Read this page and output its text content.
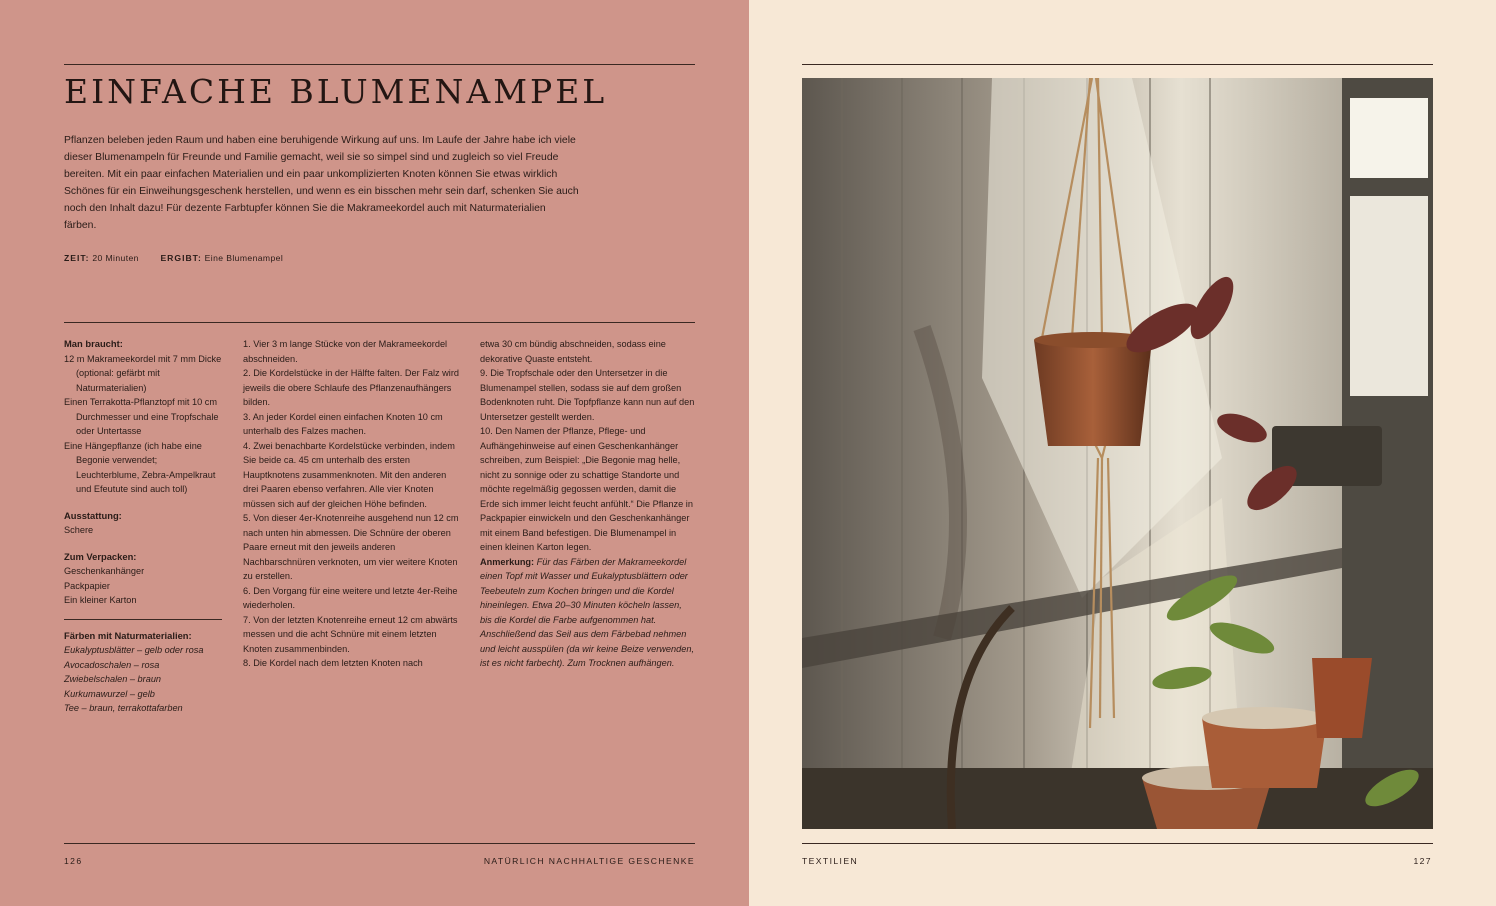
EINFACHE BLUMENAMPEL

Pflanzen beleben jeden Raum und haben eine beruhigende Wirkung auf uns. Im Laufe der Jahre habe ich viele dieser Blumenampeln für Freunde und Familie gemacht, weil sie so simpel sind und zugleich so viel Freude bereiten. Mit ein paar einfachen Materialien und ein paar unkomplizierten Knoten können Sie etwas wirklich Schönes für ein Einweihungsgeschenk herstellen, und wenn es ein bisschen mehr sein darf, schenken Sie auch noch den Inhalt dazu! Für dezente Farbtupfer können Sie die Makrameekordel auch mit Naturmaterialien färben.

ZEIT: 20 Minuten	ERGIBT: Eine Blumenampel
Man braucht:

12 m Makrameekordel mit 7 mm Dicke (optional: gefärbt mit Naturmaterialien)

Einen Terrakotta-Pflanztopf mit 10 cm Durchmesser und eine Tropfschale oder Untertasse

Eine Hängepflanze (ich habe eine Begonie verwendet; Leuchterblume, Zebra-Ampelkraut und Efeutute sind auch toll)

Ausstattung:

Schere

Zum Verpacken:

Geschenkanhänger

Packpapier

Ein kleiner Karton

Färben mit Naturmaterialien:

Eukalyptusblätter – gelb oder rosa

Avocadoschalen – rosa

Zwiebelschalen – braun

Kurkumawurzel – gelb

Tee – braun, terrakottafarben

1. Vier 3 m lange Stücke von der Makrameekordel abschneiden.

2. Die Kordelstücke in der Hälfte falten. Der Falz wird jeweils die obere Schlaufe des Pflanzenaufhängers bilden.

3. An jeder Kordel einen einfachen Knoten 10 cm unterhalb des Falzes machen.

4. Zwei benachbarte Kordelstücke verbinden, indem Sie beide ca. 45 cm unterhalb des ersten Hauptknotens zusammenknoten. Mit den anderen drei Paaren ebenso verfahren. Alle vier Knoten müssen sich auf der gleichen Höhe befinden.

5. Von dieser 4er-Knotenreihe ausgehend nun 12 cm nach unten hin abmessen. Die Schnüre der oberen Paare erneut mit den jeweils anderen Nachbarschnüren verknoten, um vier weitere Knoten zu erstellen.

6. Den Vorgang für eine weitere und letzte 4er-Reihe wiederholen.

7. Von der letzten Knotenreihe erneut 12 cm abwärts messen und die acht Schnüre mit einem letzten Knoten zusammenbinden.

8. Die Kordel nach dem letzten Knoten nach

etwa 30 cm bündig abschneiden, sodass eine dekorative Quaste entsteht.

9. Die Tropfschale oder den Untersetzer in die Blumenampel stellen, sodass sie auf dem großen Bodenknoten ruht. Die Topfpflanze kann nun auf den Untersetzer gestellt werden.

10. Den Namen der Pflanze, Pflege- und Aufhängehinweise auf einen Geschenkanhänger schreiben, zum Beispiel: „Die Begonie mag helle, nicht zu sonnige oder zu schattige Standorte und möchte regelmäßig gegossen werden, damit die Erde sich immer leicht feucht anfühlt.“ Die Pflanze in Packpapier einwickeln und den Geschenkanhänger mit einem Band befestigen. Die Blumenampel in einen kleinen Karton legen.

Anmerkung: Für das Färben der Makrameekordel einen Topf mit Wasser und Eukalyptusblättern oder Teebeuteln zum Kochen bringen und die Kordel hineinlegen. Etwa 20–30 Minuten köcheln lassen, bis die Kordel die Farbe aufgenommen hat. Anschließend das Seil aus dem Färbebad nehmen und leicht ausspülen (da wir keine Beize verwenden, ist es nicht farbecht). Zum Trocknen aufhängen.

126	NATÜRLICH NACHHALTIGE GESCHENKE	TEXTILIEN	127
